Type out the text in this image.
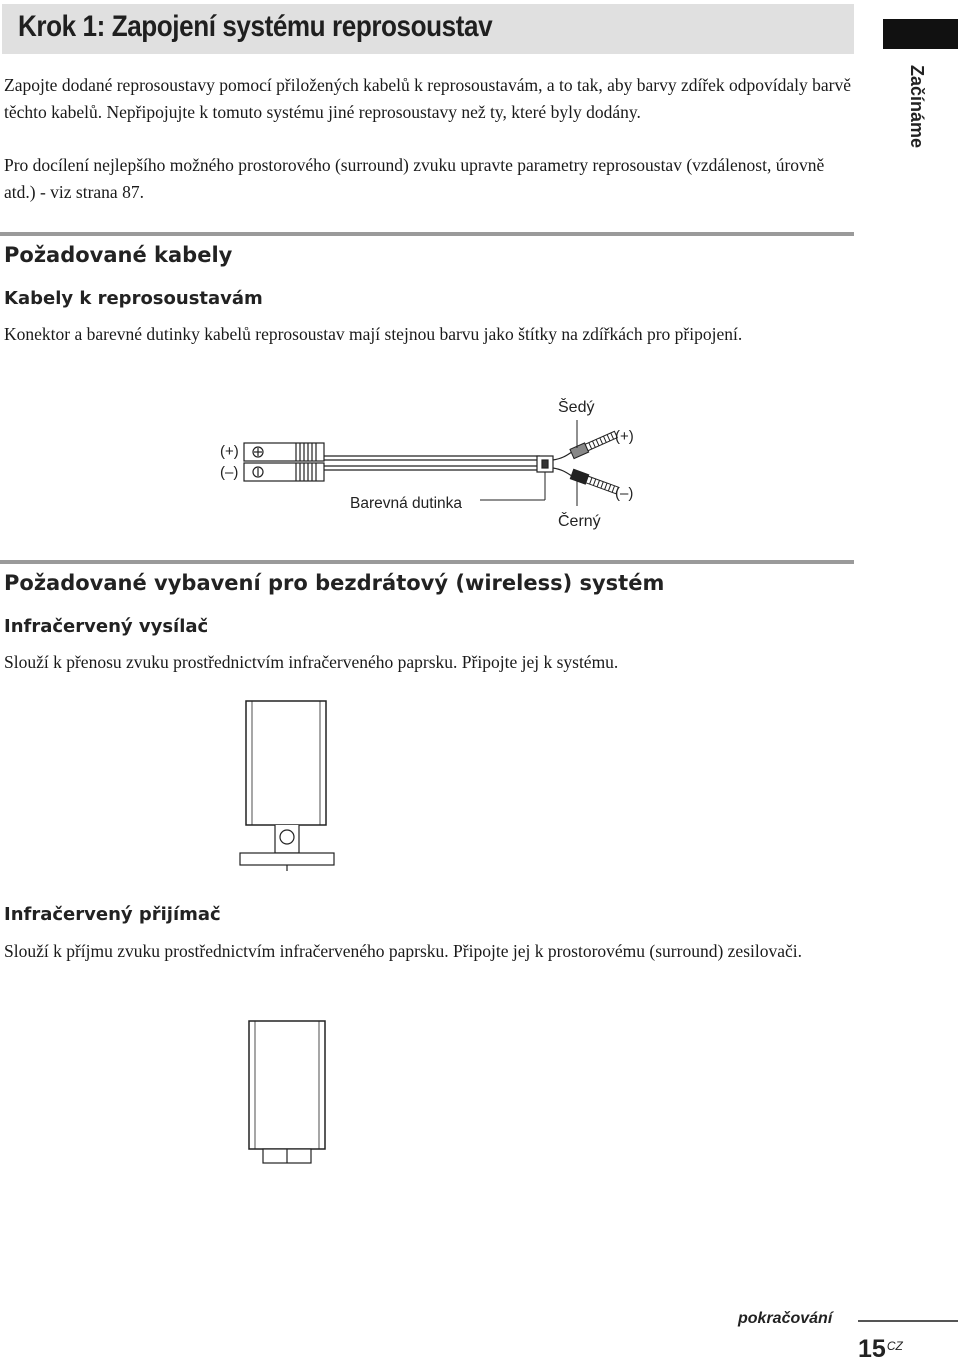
Krok 1: Zapojení systému reprosoustav
Začínáme

Zapojte dodané reprosoustavy pomocí přiložených kabelů k reprosoustavám, a to tak, aby barvy zdířek odpovídaly barvě těchto kabelů. Nepřipojujte k tomuto systému jiné reprosoustavy než ty, které byly dodány.

Pro docílení nejlepšího možného prostorového (surround) zvuku upravte parametry reprosoustav (vzdálenost, úrovně atd.) - viz strana 87.

Požadované kabely
Kabely k reprosoustavám

Konektor a barevné dutinky kabelů reprosoustav mají stejnou barvu jako štítky na zdířkách pro připojení.

(+)
(–)
Barevná dutinka
Šedý
(+)
(–)
Černý
Požadované vybavení pro bezdrátový (wireless) systém
Infračervený vysílač

Slouží k přenosu zvuku prostřednictvím infračerveného paprsku. Připojte jej k systému.

Infračervený přijímač

Slouží k příjmu zvuku prostřednictvím infračerveného paprsku. Připojte jej k prostorovému (surround) zesilovači.

pokračování
$15^{CZ}$
